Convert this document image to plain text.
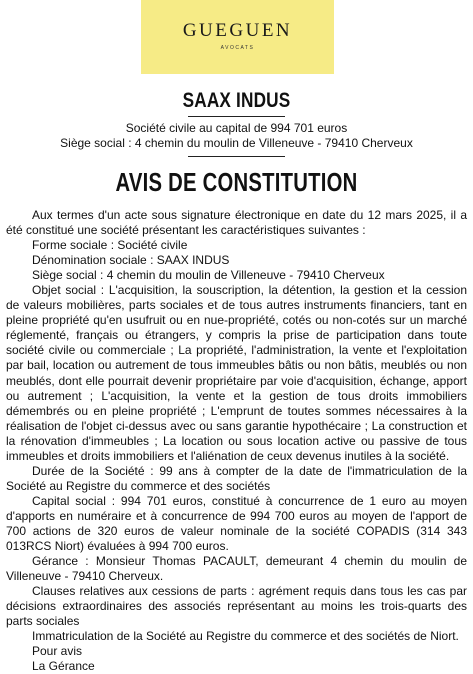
GUEGUEN
AVOCATS
SAAX INDUS
Société civile au capital de 994 701 euros
Siège social : 4 chemin du moulin de Villeneuve - 79410 Cherveux
AVIS DE CONSTITUTION

Aux termes d'un acte sous signature électronique en date du 12 mars 2025, il a été constitué une société présentant les caractéristiques suivantes :

Forme sociale : Société civile

Dénomination sociale : SAAX INDUS

Siège social : 4 chemin du moulin de Villeneuve - 79410 Cherveux

Objet social : L'acquisition, la souscription, la détention, la gestion et la cession de valeurs mobilières, parts sociales et de tous autres instruments financiers, tant en pleine propriété qu'en usufruit ou en nue-propriété, cotés ou non-cotés sur un marché réglementé, français ou étrangers, y compris la prise de participation dans toute société civile ou commerciale ; La propriété, l'administration, la vente et l'exploitation par bail, location ou autrement de tous immeubles bâtis ou non bâtis, meublés ou non meublés, dont elle pourrait devenir propriétaire par voie d'acquisition, échange, apport ou autrement ; L'acquisition, la vente et la gestion de tous droits immobiliers démembrés ou en pleine propriété ; L'emprunt de toutes sommes nécessaires à la réalisation de l'objet ci-dessus avec ou sans garantie hypothécaire ; La construction et la rénovation d'immeubles ; La location ou sous location active ou passive de tous immeubles et droits immobiliers et l'aliénation de ceux devenus inutiles à la société.

Durée de la Société : 99 ans à compter de la date de l'immatriculation de la Société au Registre du commerce et des sociétés

Capital social : 994 701 euros, constitué à concurrence de 1 euro au moyen d'apports en numéraire et à concurrence de 994 700 euros au moyen de l'apport de 700 actions de 320 euros de valeur nominale de la société COPADIS (314 343 013RCS Niort) évaluées à 994 700 euros.

Gérance : Monsieur Thomas PACAULT, demeurant 4 chemin du moulin de Villeneuve - 79410 Cherveux.

Clauses relatives aux cessions de parts : agrément requis dans tous les cas par décisions extraordinaires des associés représentant au moins les trois-quarts des parts sociales

Immatriculation de la Société au Registre du commerce et des sociétés de Niort.

Pour avis

La Gérance
